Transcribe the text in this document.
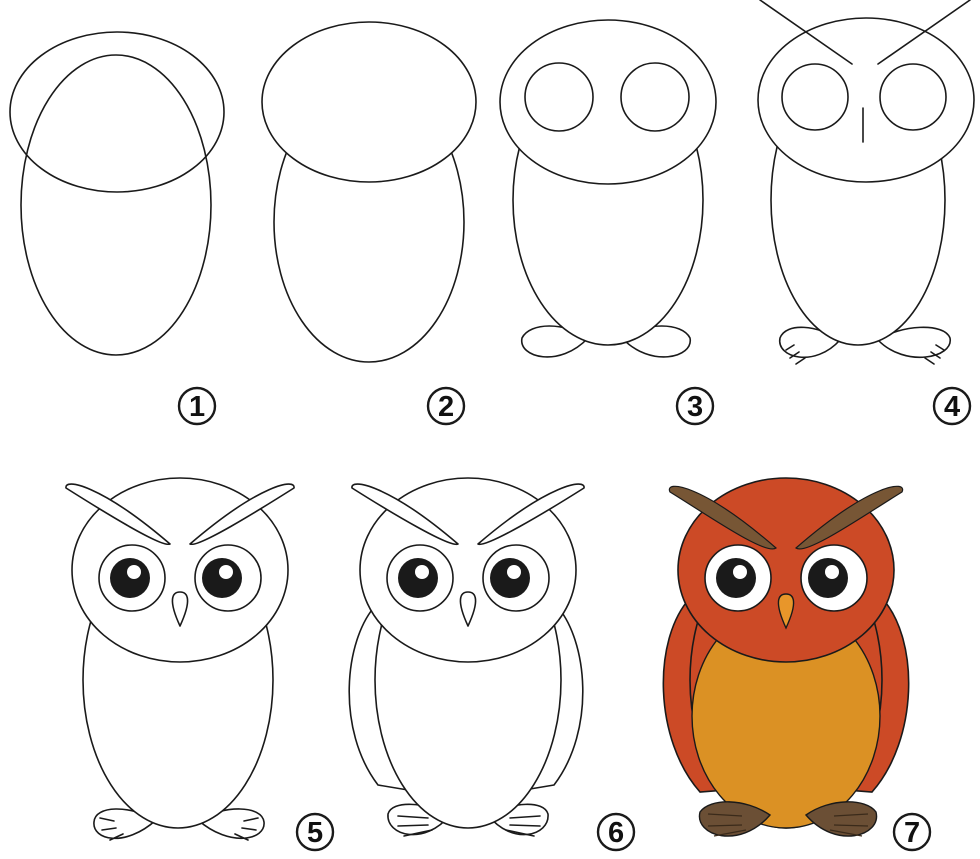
1	2	3	4
5	6	7
